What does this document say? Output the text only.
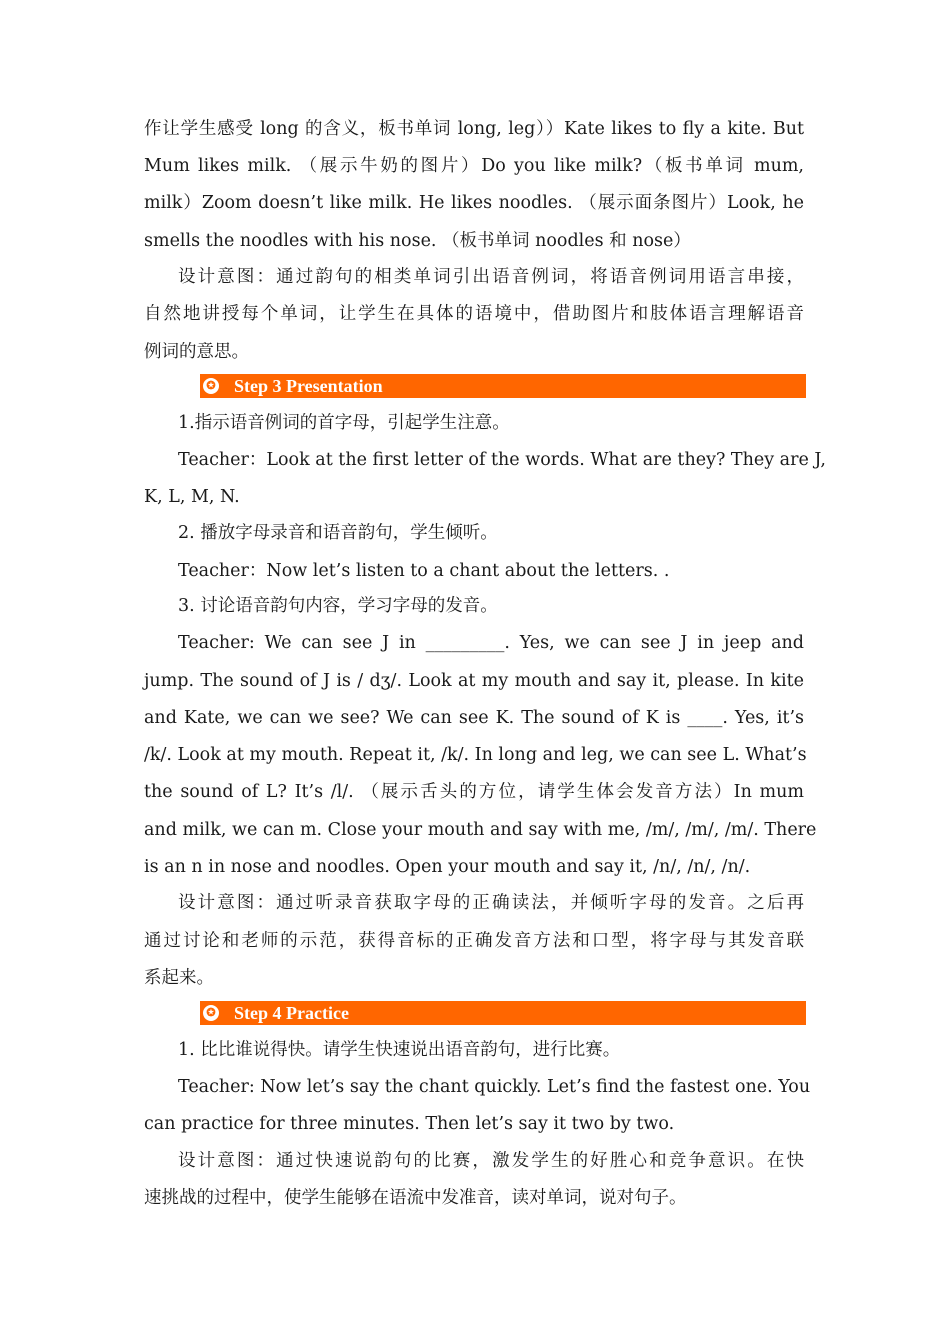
作让学生感受 long 的含义，板书单词 long, leg））Kate likes to fly a kite. But
Mum likes milk. （展示牛奶的图片）Do you like milk?（板书单词 mum,
milk）Zoom doesn’t like milk. He likes noodles. （展示面条图片）Look, he
smells the noodles with his nose. （板书单词 noodles 和 nose）
设计意图：通过韵句的相类单词引出语音例词，将语音例词用语言串接，
自然地讲授每个单词，让学生在具体的语境中，借助图片和肢体语言理解语音
例词的意思。
✪ Step 3 Presentation
1.指示语音例词的首字母，引起学生注意。
Teacher：Look at the first letter of the words. What are they? They are J,
K, L, M, N.
2. 播放字母录音和语音韵句，学生倾听。
Teacher：Now let’s listen to a chant about the letters. .
3. 讨论语音韵句内容，学习字母的发音。
Teacher: We can see J in _________. Yes, we can see J in jeep and
jump. The sound of J is / dʒ/. Look at my mouth and say it, please. In kite
and Kate, we can we see? We can see K. The sound of K is ____. Yes, it’s
/k/. Look at my mouth. Repeat it, /k/. In long and leg, we can see L. What’s
the sound of L? It’s /l/. （展示舌头的方位，请学生体会发音方法）In mum
and milk, we can m. Close your mouth and say with me, /m/, /m/, /m/. There
is an n in nose and noodles. Open your mouth and say it, /n/, /n/, /n/.
设计意图：通过听录音获取字母的正确读法，并倾听字母的发音。之后再
通过讨论和老师的示范，获得音标的正确发音方法和口型，将字母与其发音联
系起来。
✪ Step 4 Practice
1. 比比谁说得快。请学生快速说出语音韵句，进行比赛。
Teacher: Now let’s say the chant quickly. Let’s find the fastest one. You
can practice for three minutes. Then let’s say it two by two.
设计意图：通过快速说韵句的比赛，激发学生的好胜心和竞争意识。在快
速挑战的过程中，使学生能够在语流中发准音，读对单词，说对句子。
